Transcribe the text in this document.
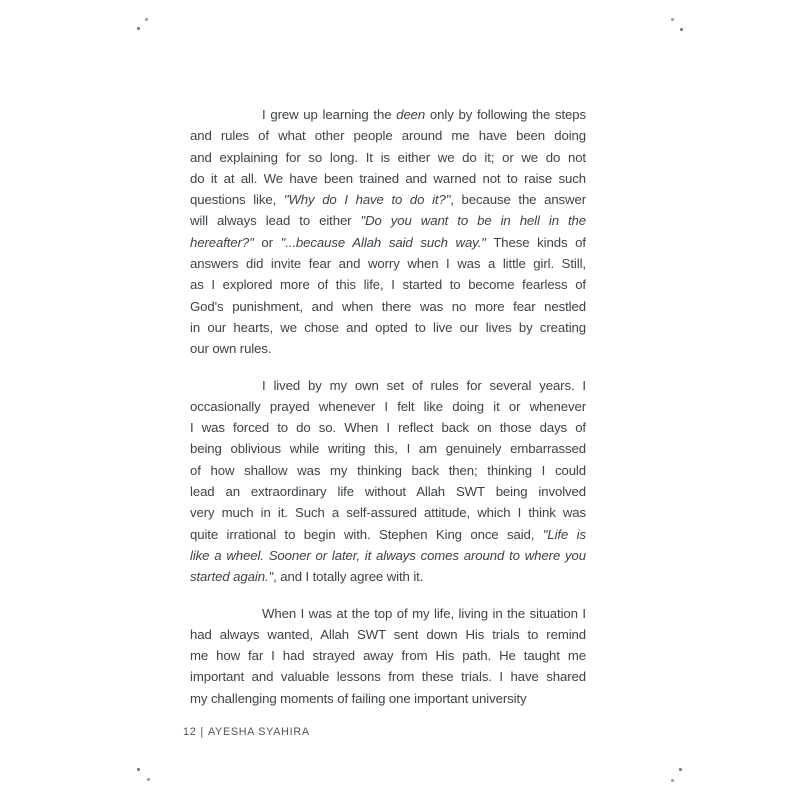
I grew up learning the deen only by following the steps
and rules of what other people around me have been doing
and explaining for so long. It is either we do it; or we do not
do it at all. We have been trained and warned not to raise such
questions like, "Why do I have to do it?", because the answer
will always lead to either "Do you want to be in hell in the
hereafter?" or "...because Allah said such way." These kinds of
answers did invite fear and worry when I was a little girl. Still,
as I explored more of this life, I started to become fearless of
God's punishment, and when there was no more fear nestled
in our hearts, we chose and opted to live our lives by creating
our own rules.
I lived by my own set of rules for several years. I
occasionally prayed whenever I felt like doing it or whenever
I was forced to do so. When I reflect back on those days of
being oblivious while writing this, I am genuinely embarrassed
of how shallow was my thinking back then; thinking I could
lead an extraordinary life without Allah SWT being involved
very much in it. Such a self-assured attitude, which I think was
quite irrational to begin with. Stephen King once said, "Life is
like a wheel. Sooner or later, it always comes around to where you
started again.", and I totally agree with it.
When I was at the top of my life, living in the situation I
had always wanted, Allah SWT sent down His trials to remind
me how far I had strayed away from His path. He taught me
important and valuable lessons from these trials. I have shared
my challenging moments of failing one important university
12 | AYESHA SYAHIRA
